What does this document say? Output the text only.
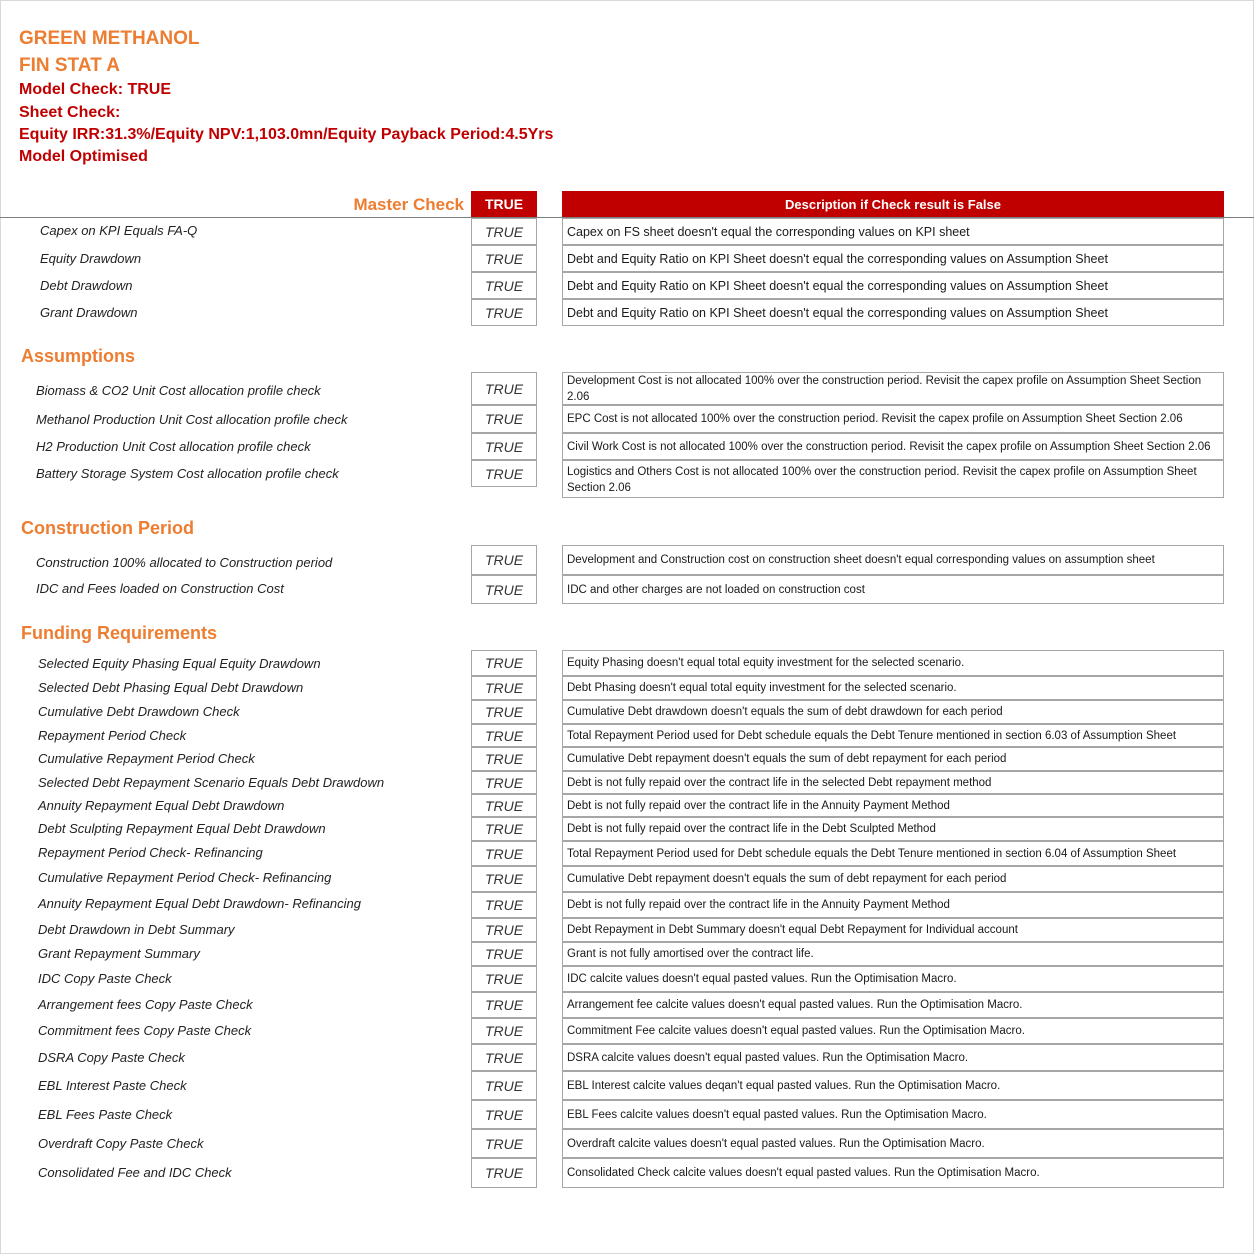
GREEN METHANOL
FIN STAT A
Model Check: TRUE
Sheet Check:
Equity IRR:31.3%/Equity NPV:1,103.0mn/Equity Payback Period:4.5Yrs
Model Optimised
Master Check	TRUE	Description if Check result is False
Capex on KPI Equals FA-Q	TRUE	Capex on FS sheet doesn't equal the corresponding values on KPI sheet
Equity Drawdown	TRUE	Debt and Equity Ratio on KPI Sheet doesn't equal the corresponding values on Assumption Sheet
Debt Drawdown	TRUE	Debt and Equity Ratio on KPI Sheet doesn't equal the corresponding values on Assumption Sheet
Grant Drawdown	TRUE	Debt and Equity Ratio on KPI Sheet doesn't equal the corresponding values on Assumption Sheet
Assumptions
Biomass & CO2 Unit Cost allocation profile check	TRUE	Development Cost is not allocated 100% over the construction period. Revisit the capex profile on Assumption Sheet Section 2.06
Methanol Production Unit Cost allocation profile check	TRUE	EPC Cost is not allocated 100% over the construction period. Revisit the capex profile on Assumption Sheet Section 2.06
H2 Production Unit Cost allocation profile check	TRUE	Civil Work Cost is not allocated 100% over the construction period. Revisit the capex profile on Assumption Sheet Section 2.06
Battery Storage System Cost allocation profile check	TRUE	Logistics and Others Cost is not allocated 100% over the construction period. Revisit the capex profile on Assumption Sheet Section 2.06
Construction Period
Construction 100% allocated to Construction period	TRUE	Development and Construction cost on construction sheet doesn't equal corresponding values on assumption sheet
IDC and Fees loaded on Construction Cost	TRUE	IDC and other charges are not loaded on construction cost
Funding Requirements
Selected Equity Phasing Equal Equity Drawdown	TRUE	Equity Phasing doesn't equal total equity investment for the selected scenario.
Selected Debt Phasing Equal Debt Drawdown	TRUE	Debt Phasing doesn't equal total equity investment for the selected scenario.
Cumulative Debt Drawdown Check	TRUE	Cumulative Debt drawdown doesn't equals the sum of debt drawdown for each period
Repayment Period Check	TRUE	Total Repayment Period used for Debt schedule equals the Debt Tenure mentioned in section 6.03 of Assumption Sheet
Cumulative Repayment Period Check	TRUE	Cumulative Debt repayment doesn't equals the sum of debt repayment for each period
Selected Debt Repayment Scenario Equals Debt Drawdown	TRUE	Debt is not fully repaid over the contract life in the selected Debt repayment method
Annuity Repayment Equal Debt Drawdown	TRUE	Debt is not fully repaid over the contract life in the Annuity Payment Method
Debt Sculpting Repayment Equal Debt Drawdown	TRUE	Debt is not fully repaid over the contract life in the Debt Sculpted Method
Repayment Period Check- Refinancing	TRUE	Total Repayment Period used for Debt schedule equals the Debt Tenure mentioned in section 6.04 of Assumption Sheet
Cumulative Repayment Period Check- Refinancing	TRUE	Cumulative Debt repayment doesn't equals the sum of debt repayment for each period
Annuity Repayment Equal Debt Drawdown- Refinancing	TRUE	Debt is not fully repaid over the contract life in the Annuity Payment Method
Debt Drawdown in Debt Summary	TRUE	Debt Repayment in Debt Summary doesn't equal Debt Repayment for Individual account
Grant Repayment Summary	TRUE	Grant is not fully amortised over the contract life.
IDC Copy Paste Check	TRUE	IDC calcite values doesn't equal pasted values. Run the Optimisation Macro.
Arrangement fees Copy Paste Check	TRUE	Arrangement fee calcite values doesn't equal pasted values. Run the Optimisation Macro.
Commitment fees Copy Paste Check	TRUE	Commitment Fee calcite values doesn't equal pasted values. Run the Optimisation Macro.
DSRA Copy Paste Check	TRUE	DSRA calcite values doesn't equal pasted values. Run the Optimisation Macro.
EBL Interest Paste Check	TRUE	EBL Interest calcite values deqan't equal pasted values. Run the Optimisation Macro.
EBL Fees Paste Check	TRUE	EBL Fees calcite values doesn't equal pasted values. Run the Optimisation Macro.
Overdraft Copy Paste Check	TRUE	Overdraft calcite values doesn't equal pasted values. Run the Optimisation Macro.
Consolidated Fee and IDC Check	TRUE	Consolidated Check calcite values doesn't equal pasted values. Run the Optimisation Macro.
